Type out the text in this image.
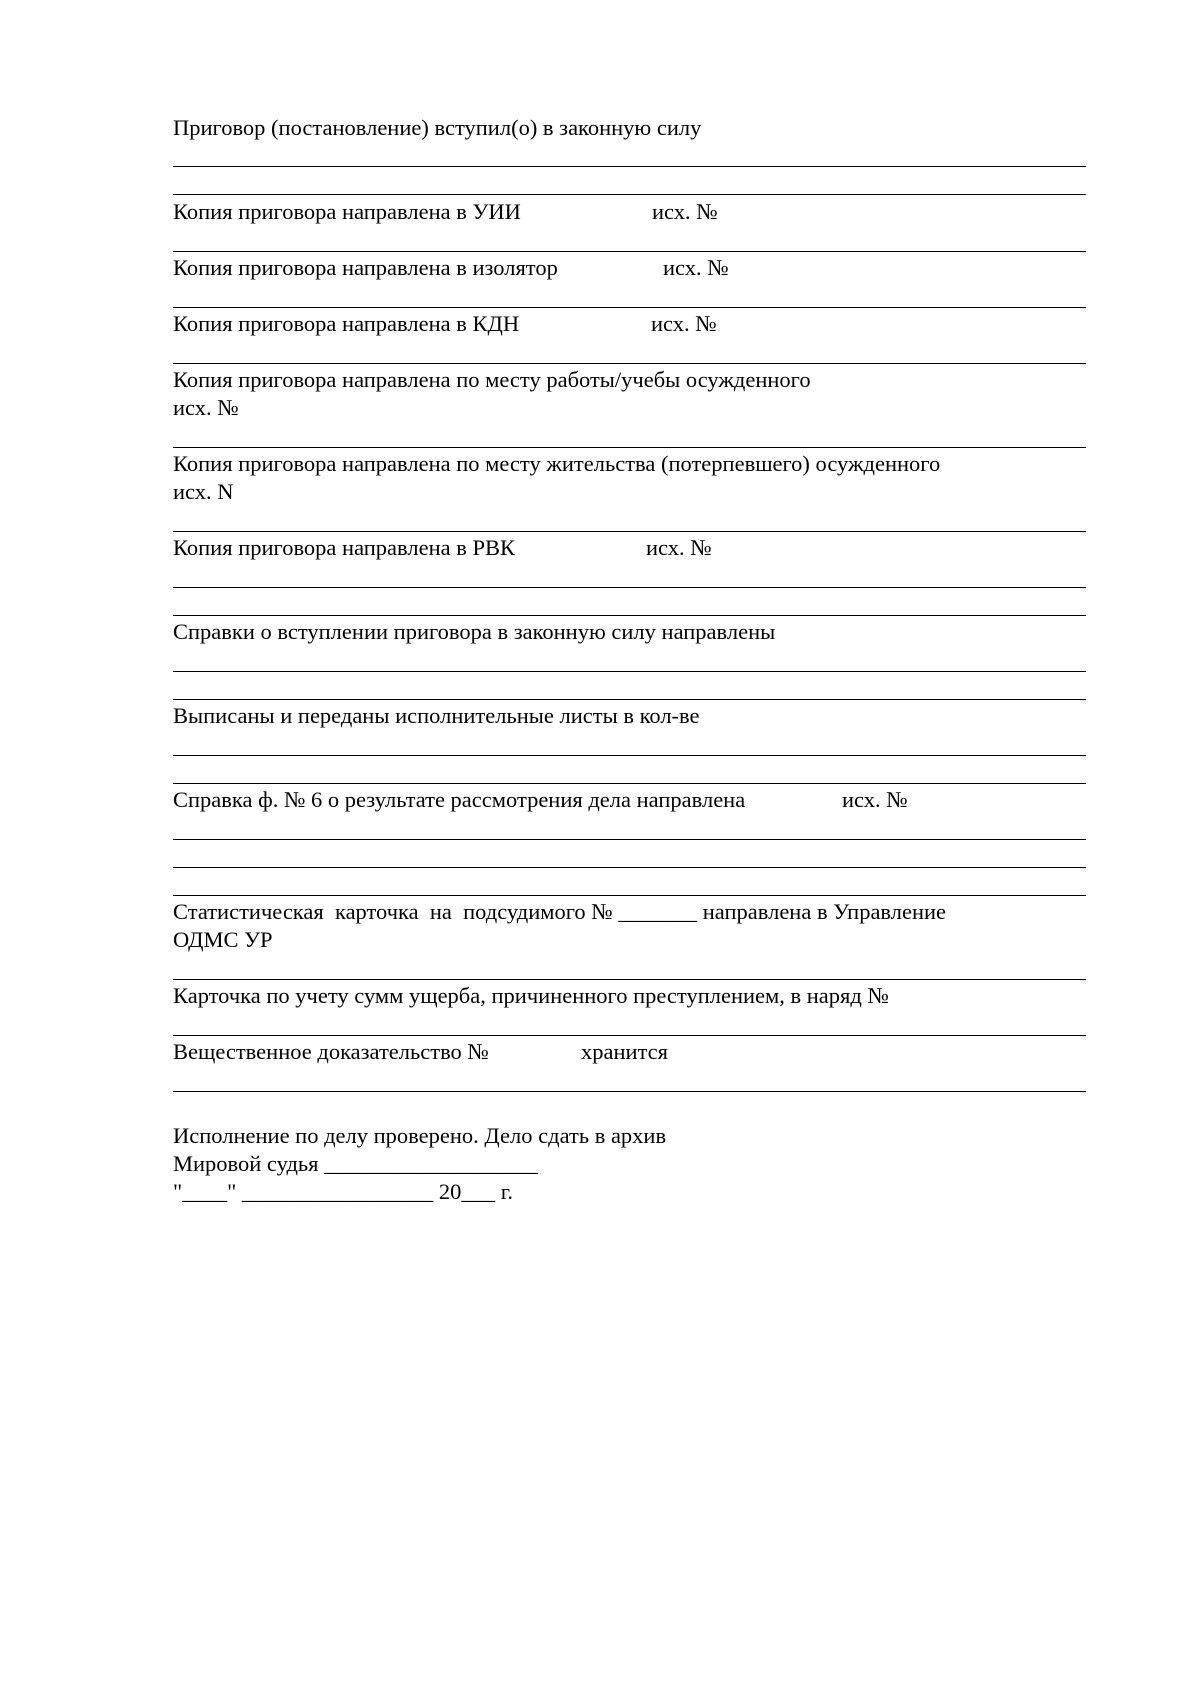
Приговор (постановление) вступил(о) в законную силу
Копия приговора направлена в УИИ	исх. №
Копия приговора направлена в изолятор	исх. №
Копия приговора направлена в КДН	исх. №
Копия приговора направлена по месту работы/учебы осужденного
исх. №
Копия приговора направлена по месту жительства (потерпевшего) осужденного
исх. N
Копия приговора направлена в РВК	исх. №
Справки о вступлении приговора в законную силу направлены
Выписаны и переданы исполнительные листы в кол-ве
Справка ф. № 6 о результате рассмотрения дела направлена	исх. №
Статистическая  карточка  на  подсудимого № _______ направлена в Управление
ОДМС УР
Карточка по учету сумм ущерба, причиненного преступлением, в наряд №
Вещественное доказательство №	хранится
Исполнение по делу проверено. Дело сдать в архив
Мировой судья ___________________
"____" _________________ 20___ г.
